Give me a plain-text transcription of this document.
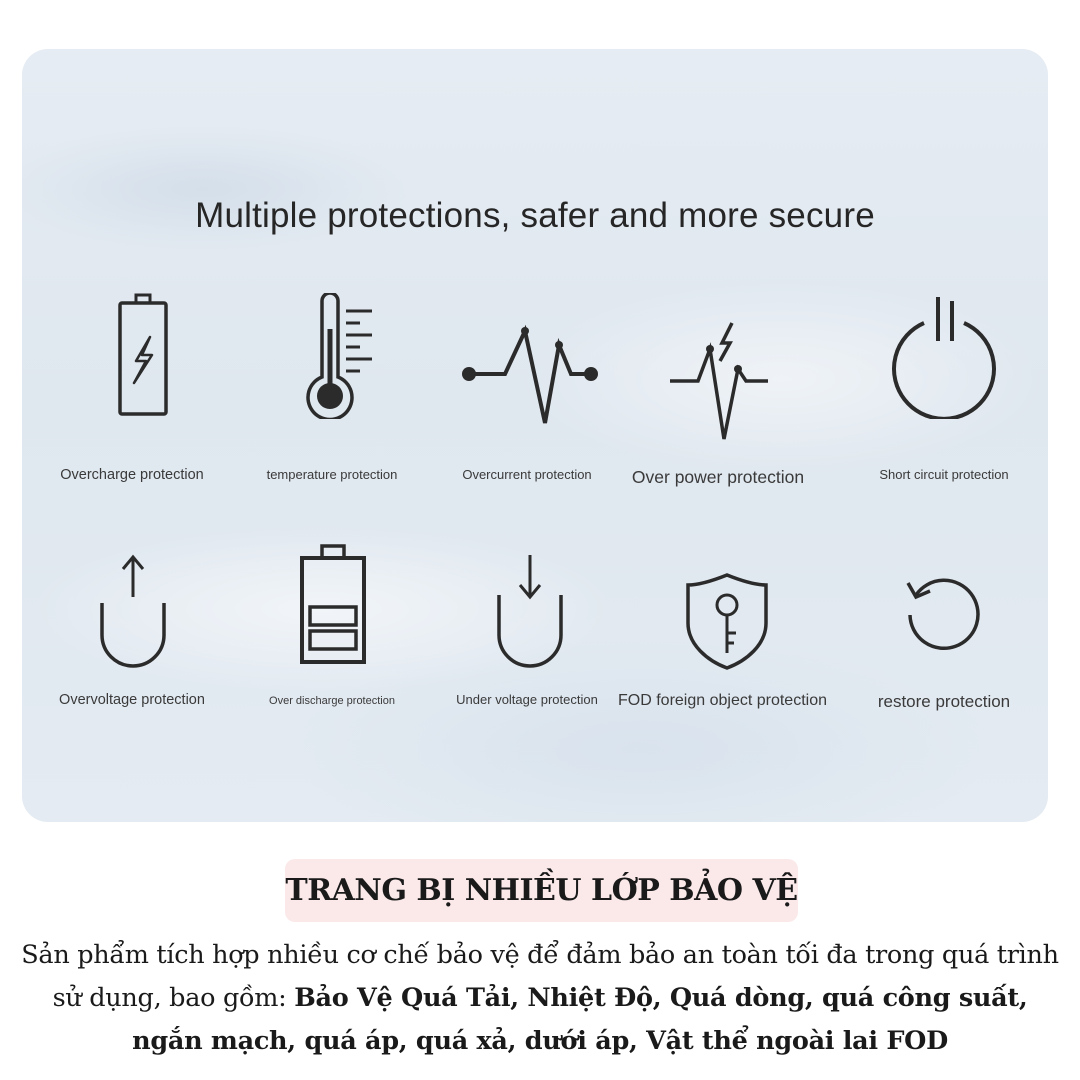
Multiple protections, safer and more secure
Overcharge protection	temperature protection	Overcurrent protection	Over power protection	Short circuit protection
Overvoltage protection	Over discharge protection	Under voltage protection	FOD foreign object protection	restore protection
TRANG BỊ NHIỀU LỚP BẢO VỆ
Sản phẩm tích hợp nhiều cơ chế bảo vệ để đảm bảo an toàn tối đa trong quá trình sử dụng, bao gồm: Bảo Vệ Quá Tải, Nhiệt Độ, Quá dòng, quá công suất, ngắn mạch, quá áp, quá xả, dưới áp, Vật thể ngoài lai FOD
